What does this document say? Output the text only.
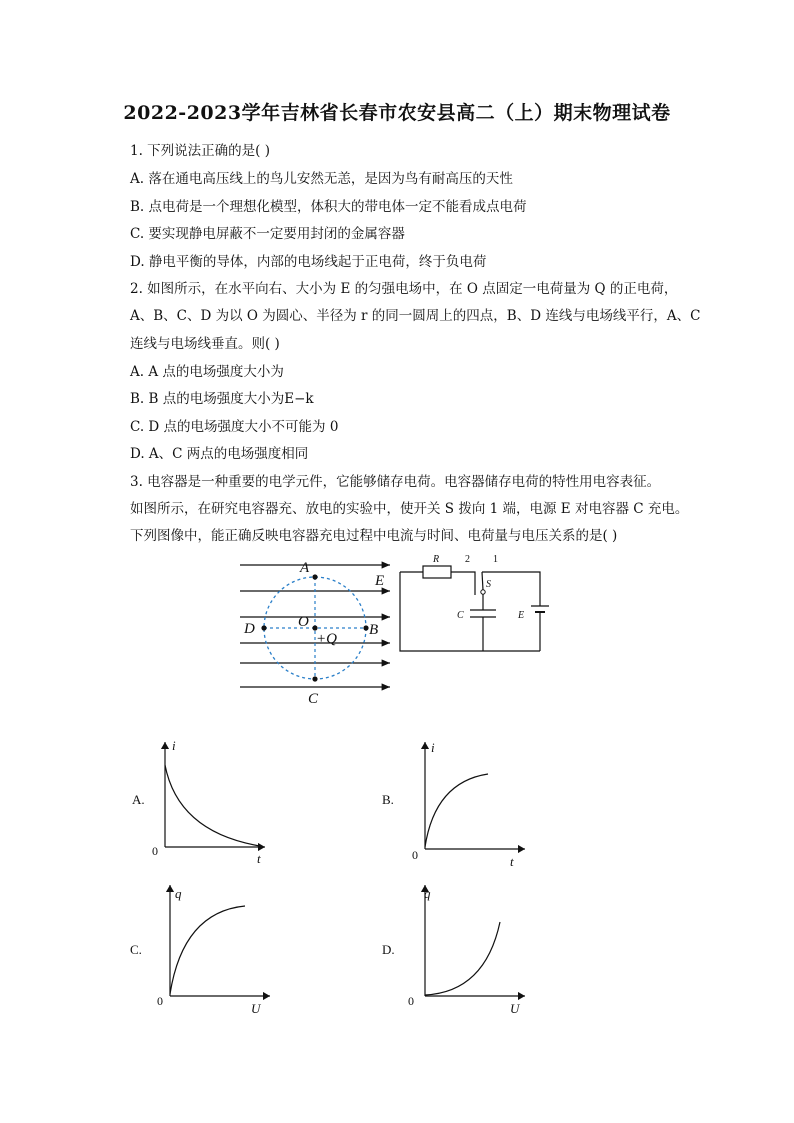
2022-2023学年吉林省长春市农安县高二（上）期末物理试卷
1. 下列说法正确的是( )
A. 落在通电高压线上的鸟儿安然无恙，是因为鸟有耐高压的天性
B. 点电荷是一个理想化模型，体积大的带电体一定不能看成点电荷
C. 要实现静电屏蔽不一定要用封闭的金属容器
D. 静电平衡的导体，内部的电场线起于正电荷，终于负电荷
2. 如图所示，在水平向右、大小为 E 的匀强电场中，在 O 点固定一电荷量为 Q 的正电荷，
A、B、C、D 为以 O 为圆心、半径为 r 的同一圆周上的四点，B、D 连线与电场线平行，A、C
连线与电场线垂直。则( )
A. A 点的电场强度大小为
B. B 点的电场强度大小为E−k
C. D 点的电场强度大小不可能为 0
D. A、C 两点的电场强度相同
3. 电容器是一种重要的电学元件，它能够储存电荷。电容器储存电荷的特性用电容表征。
如图所示，在研究电容器充、放电的实验中，使开关 S 拨向 1 端，电源 E 对电容器 C 充电。
下列图像中，能正确反映电容器充电过程中电流与时间、电荷量与电压关系的是( )
A
E
O
+Q
D	B
C
R	2 1
S
C	E
A.
i
t
0
B.
i
t
0
C.
q
U
0
D.
q
U
0
